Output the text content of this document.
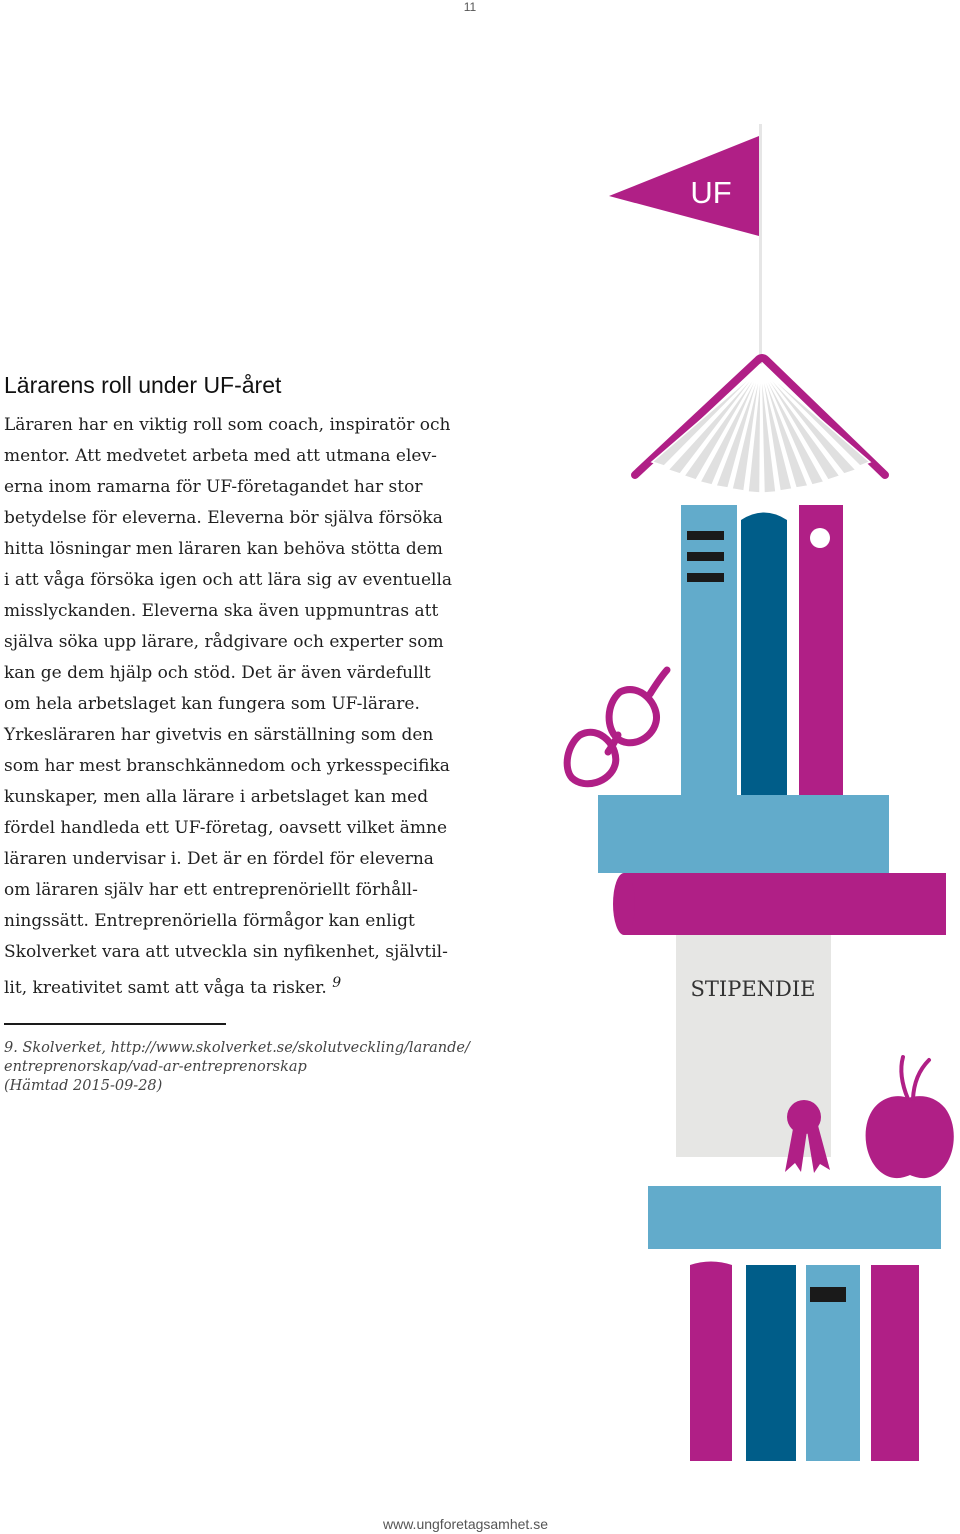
11
UF
STIPENDIE
Lärarens roll under UF-året
Läraren har en viktig roll som coach, inspiratör och
mentor. Att medvetet arbeta med att utmana elev-
erna inom ramarna för UF-företagandet har stor
betydelse för eleverna. Eleverna bör själva försöka
hitta lösningar men läraren kan behöva stötta dem
i att våga försöka igen och att lära sig av eventuella
misslyckanden. Eleverna ska även uppmuntras att
själva söka upp lärare, rådgivare och experter som
kan ge dem hjälp och stöd. Det är även värdefullt
om hela arbetslaget kan fungera som UF-lärare.
Yrkesläraren har givetvis en särställning som den
som har mest branschkännedom och yrkesspecifika
kunskaper, men alla lärare i arbetslaget kan med
fördel handleda ett UF-företag, oavsett vilket ämne
läraren undervisar i. Det är en fördel för eleverna
om läraren själv har ett entreprenöriellt förhåll-
ningssätt. Entreprenöriella förmågor kan enligt
Skolverket vara att utveckla sin nyfikenhet, självtil-
lit, kreativitet samt att våga ta risker. $^9$
9. Skolverket, http://www.skolverket.se/skolutveckling/larande/
entreprenorskap/vad-ar-entreprenorskap
(Hämtad 2015-09-28)
www.ungforetagsamhet.se
